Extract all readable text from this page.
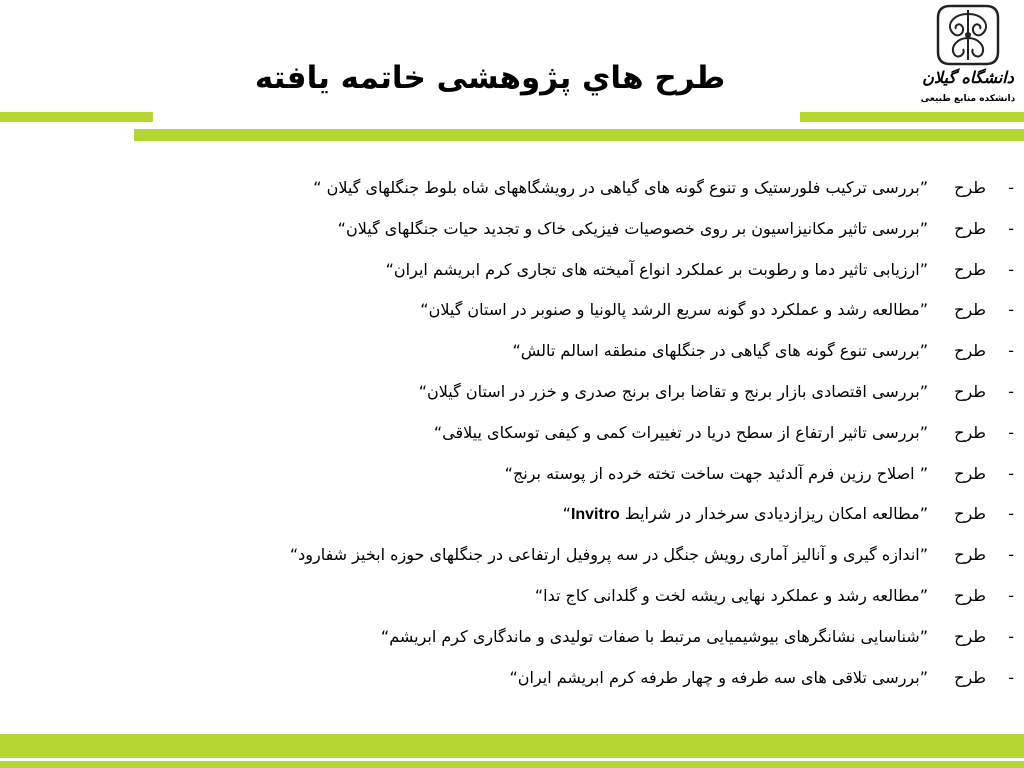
طرح هاي پژوهشی خاتمه یافته	دانشگاه گیلان
دانشکده منابع طبیعی
”بررسی ترکیب فلورستیک و تنوع گونه های گیاهی در رویشگاههای شاه بلوط جنگلهای گیلان “	طرح	-
”بررسی تاثیر مکانیزاسیون بر روی خصوصیات فیزیکی خاک و تجدید حیات جنگلهای گیلان“	طرح	-
”ارزیابی تاثیر دما و رطوبت بر عملکرد انواع آمیخته های تجاری کرم ابریشم ایران“	طرح	-
”مطالعه رشد و عملکرد دو گونه سریع الرشد پالونیا و صنوبر در استان گیلان“	طرح	-
”بررسی تنوع گونه های گیاهی در جنگلهای منطقه اسالم تالش“	طرح	-
”بررسی اقتصادی بازار برنج و تقاضا برای برنج صدری و خزر در استان گیلان“	طرح	-
”بررسی تاثیر ارتفاع از سطح دریا در تغییرات کمی و کیفی توسکای ییلاقی“	طرح	-
” اصلاح رزین فرم آلدئید جهت ساخت تخته خرده از پوسته برنج“	طرح	-
”مطالعه امکان ریزازدیادی سرخدار در شرایط Invitro“	طرح	-
”اندازه گیری و آنالیز آماری رویش جنگل در سه پروفیل ارتفاعی در جنگلهای حوزه ابخیز شفارود“	طرح	-
”مطالعه رشد و عملکرد نهایی ریشه لخت و گلدانی کاج تدا“	طرح	-
”شناسایی نشانگرهای بیوشیمیایی مرتبط با صفات تولیدی و ماندگاری کرم ابریشم“	طرح	-
”بررسی تلاقی های سه طرفه و چهار طرفه کرم ابریشم ایران“	طرح	-
